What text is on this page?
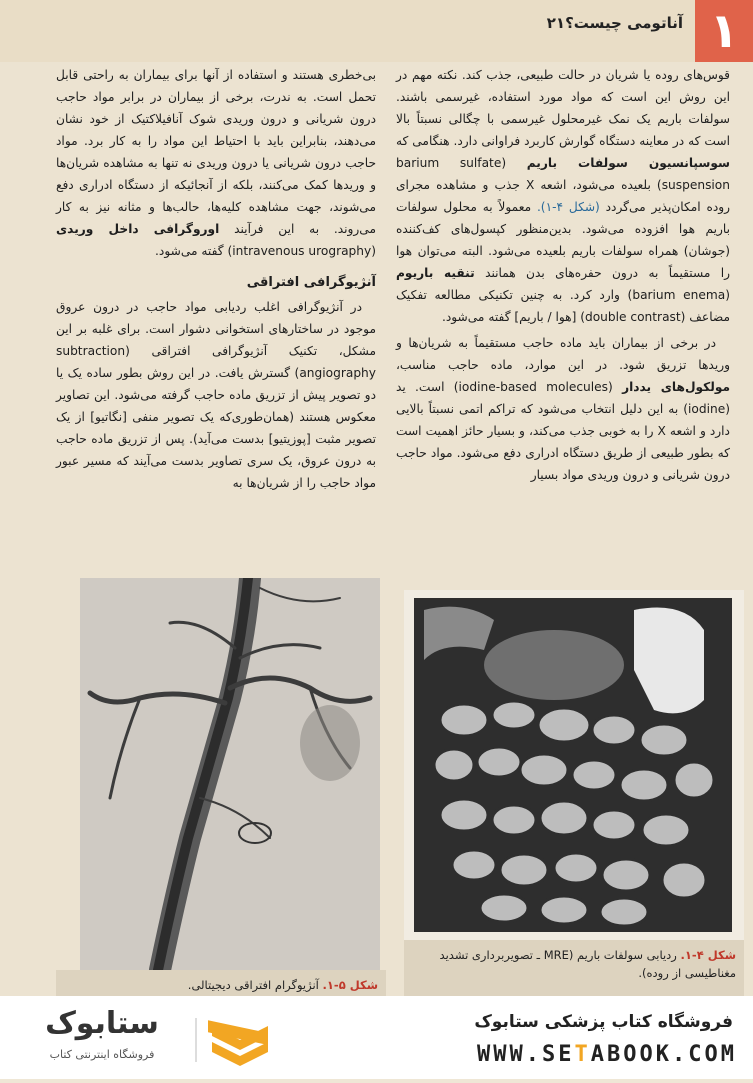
۱
آناتومی چیست؟۲۱

قوس‌های روده یا شریان در حالت طبیعی، جذب کند. نکته مهم در این روش این است که مواد مورد استفاده، غیرسمی باشند. سولفات باریم یک نمک غیرمحلول غیرسمی با چگالی نسبتاً بالا است که در معاینه دستگاه گوارش کاربرد فراوانی دارد. هنگامی که سوسپانسیون سولفات باریم (barium sulfate suspension) بلعیده می‌شود، اشعه X جذب و مشاهده مجرای روده امکان‌پذیر می‌گردد (شکل ۴-۱). معمولاً به محلول سولفات باریم هوا افزوده می‌شود. بدین‌منظور کپسول‌های کف‌کننده (جوشان) همراه سولفات باریم بلعیده می‌شود. البته می‌توان هوا را مستقیماً به درون حفره‌های بدن همانند تنقیه باریوم (barium enema) وارد کرد. به چنین تکنیکی مطالعه تفکیک مضاعف (double contrast) [هوا / باریم] گفته می‌شود.

در برخی از بیماران باید ماده حاجب مستقیماً به شریان‌ها و وریدها تزریق شود. در این موارد، ماده حاجب مناسب، مولکول‌های یددار (iodine-based molecules) است. ید (iodine) به این دلیل انتخاب می‌شود که تراکم اتمی نسبتاً بالایی دارد و اشعه X را به خوبی جذب می‌کند، و بسیار حائز اهمیت است که بطور طبیعی از طریق دستگاه ادراری دفع می‌شود. مواد حاجب درون شریانی و درون وریدی مواد بسیار

بی‌خطری هستند و استفاده از آنها برای بیماران به راحتی قابل تحمل است. به ندرت، برخی از بیماران در برابر مواد حاجب درون شریانی و درون وریدی شوک آنافیلاکتیک از خود نشان می‌دهند، بنابراین باید با احتیاط این مواد را به کار برد. مواد حاجب درون شریانی یا درون وریدی نه تنها به مشاهده شریان‌ها و وریدها کمک می‌کنند، بلکه از آنجائیکه از دستگاه ادراری دفع می‌شوند، جهت مشاهده کلیه‌ها، حالب‌ها و مثانه نیز به کار می‌روند. به این فرآیند اوروگرافی داخل وریدی (intravenous urography) گفته می‌شود.

آنژیوگرافی افتراقی

در آنژیوگرافی اغلب ردیابی مواد حاجب در درون عروق موجود در ساختارهای استخوانی دشوار است. برای غلبه بر این مشکل، تکنیک آنژیوگرافی افتراقی (subtraction angiography) گسترش یافت. در این روش بطور ساده یک یا دو تصویر پیش از تزریق ماده حاجب گرفته می‌شود. این تصاویر معکوس هستند (همان‌طوری‌که یک تصویر منفی [نگاتیو] از یک تصویر مثبت [پوزیتیو] بدست می‌آید). پس از تزریق ماده حاجب به درون عروق، یک سری تصاویر بدست می‌آیند که مسیر عبور مواد حاجب را از شریان‌ها به

شکل ۴-۱. ردیابی سولفات باریم (MRE ـ تصویربرداری تشدید مغناطیسی از روده).
شکل ۵-۱. آنژیوگرام افتراقی دیجیتالی.
ستابوک
فروشگاه اینترنتی کتاب
فروشگاه کتاب پزشکی ستابوک
WWW.SETABOOK.COM
